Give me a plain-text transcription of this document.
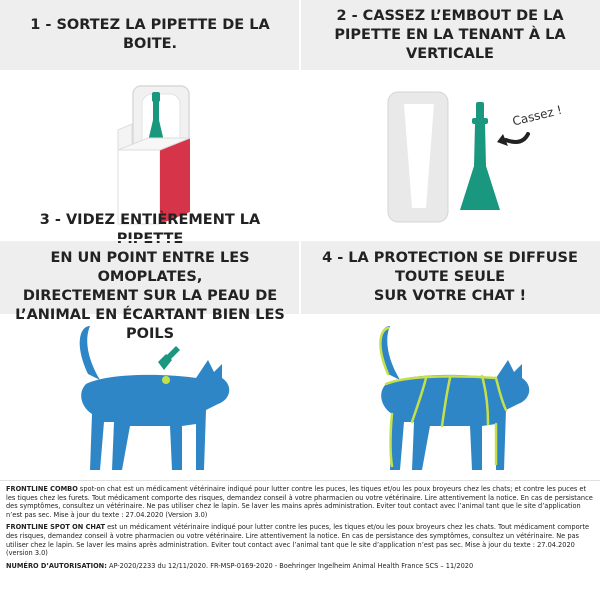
1 - SORTEZ LA PIPETTE DE LA
BOITE.
2 - CASSEZ L’EMBOUT DE LA
PIPETTE EN LA TENANT À LA
VERTICALE
Cassez !
3 - VIDEZ ENTIÈREMENT LA
EN UN POINT ENTRE LES OMOPLATES,
DIRECTEMENT SUR LA PEAU DE
L’ANIMAL EN ÉCARTANT BIEN LES POILS
4 - LA PROTECTION SE DIFFUSE
TOUTE SEULE
SUR VOTRE CHAT !

FRONTLINE COMBO spot-on chat est un médicament vétérinaire indiqué pour lutter contre les puces, les tiques et/ou les poux broyeurs chez les chats; et contre les puces et les tiques chez les furets. Tout médicament comporte des risques, demandez conseil à votre pharmacien ou votre vétérinaire. Lire attentivement la notice. En cas de persistance des symptômes, consultez un vétérinaire. Ne pas utiliser chez le lapin. Se laver les mains après administration. Eviter tout contact avec l’animal tant que le site d’application n’est pas sec. Mise à jour du texte : 27.04.2020 (Version 3.0)

FRONTLINE SPOT ON CHAT est un médicament vétérinaire indiqué pour lutter contre les puces, les tiques et/ou les poux broyeurs chez les chats. Tout médicament comporte des risques, demandez conseil à votre pharmacien ou votre vétérinaire. Lire attentivement la notice. En cas de persistance des symptômes, consultez un vétérinaire. Ne pas utiliser chez le lapin. Se laver les mains après administration. Eviter tout contact avec l’animal tant que le site d’application n’est pas sec. Mise à jour du texte : 27.04.2020 (version 3.0)

NUMÉRO D’AUTORISATION: AP-2020/2233 du 12/11/2020. FR-MSP-0169-2020 - Boehringer Ingelheim Animal Health France SCS – 11/2020
